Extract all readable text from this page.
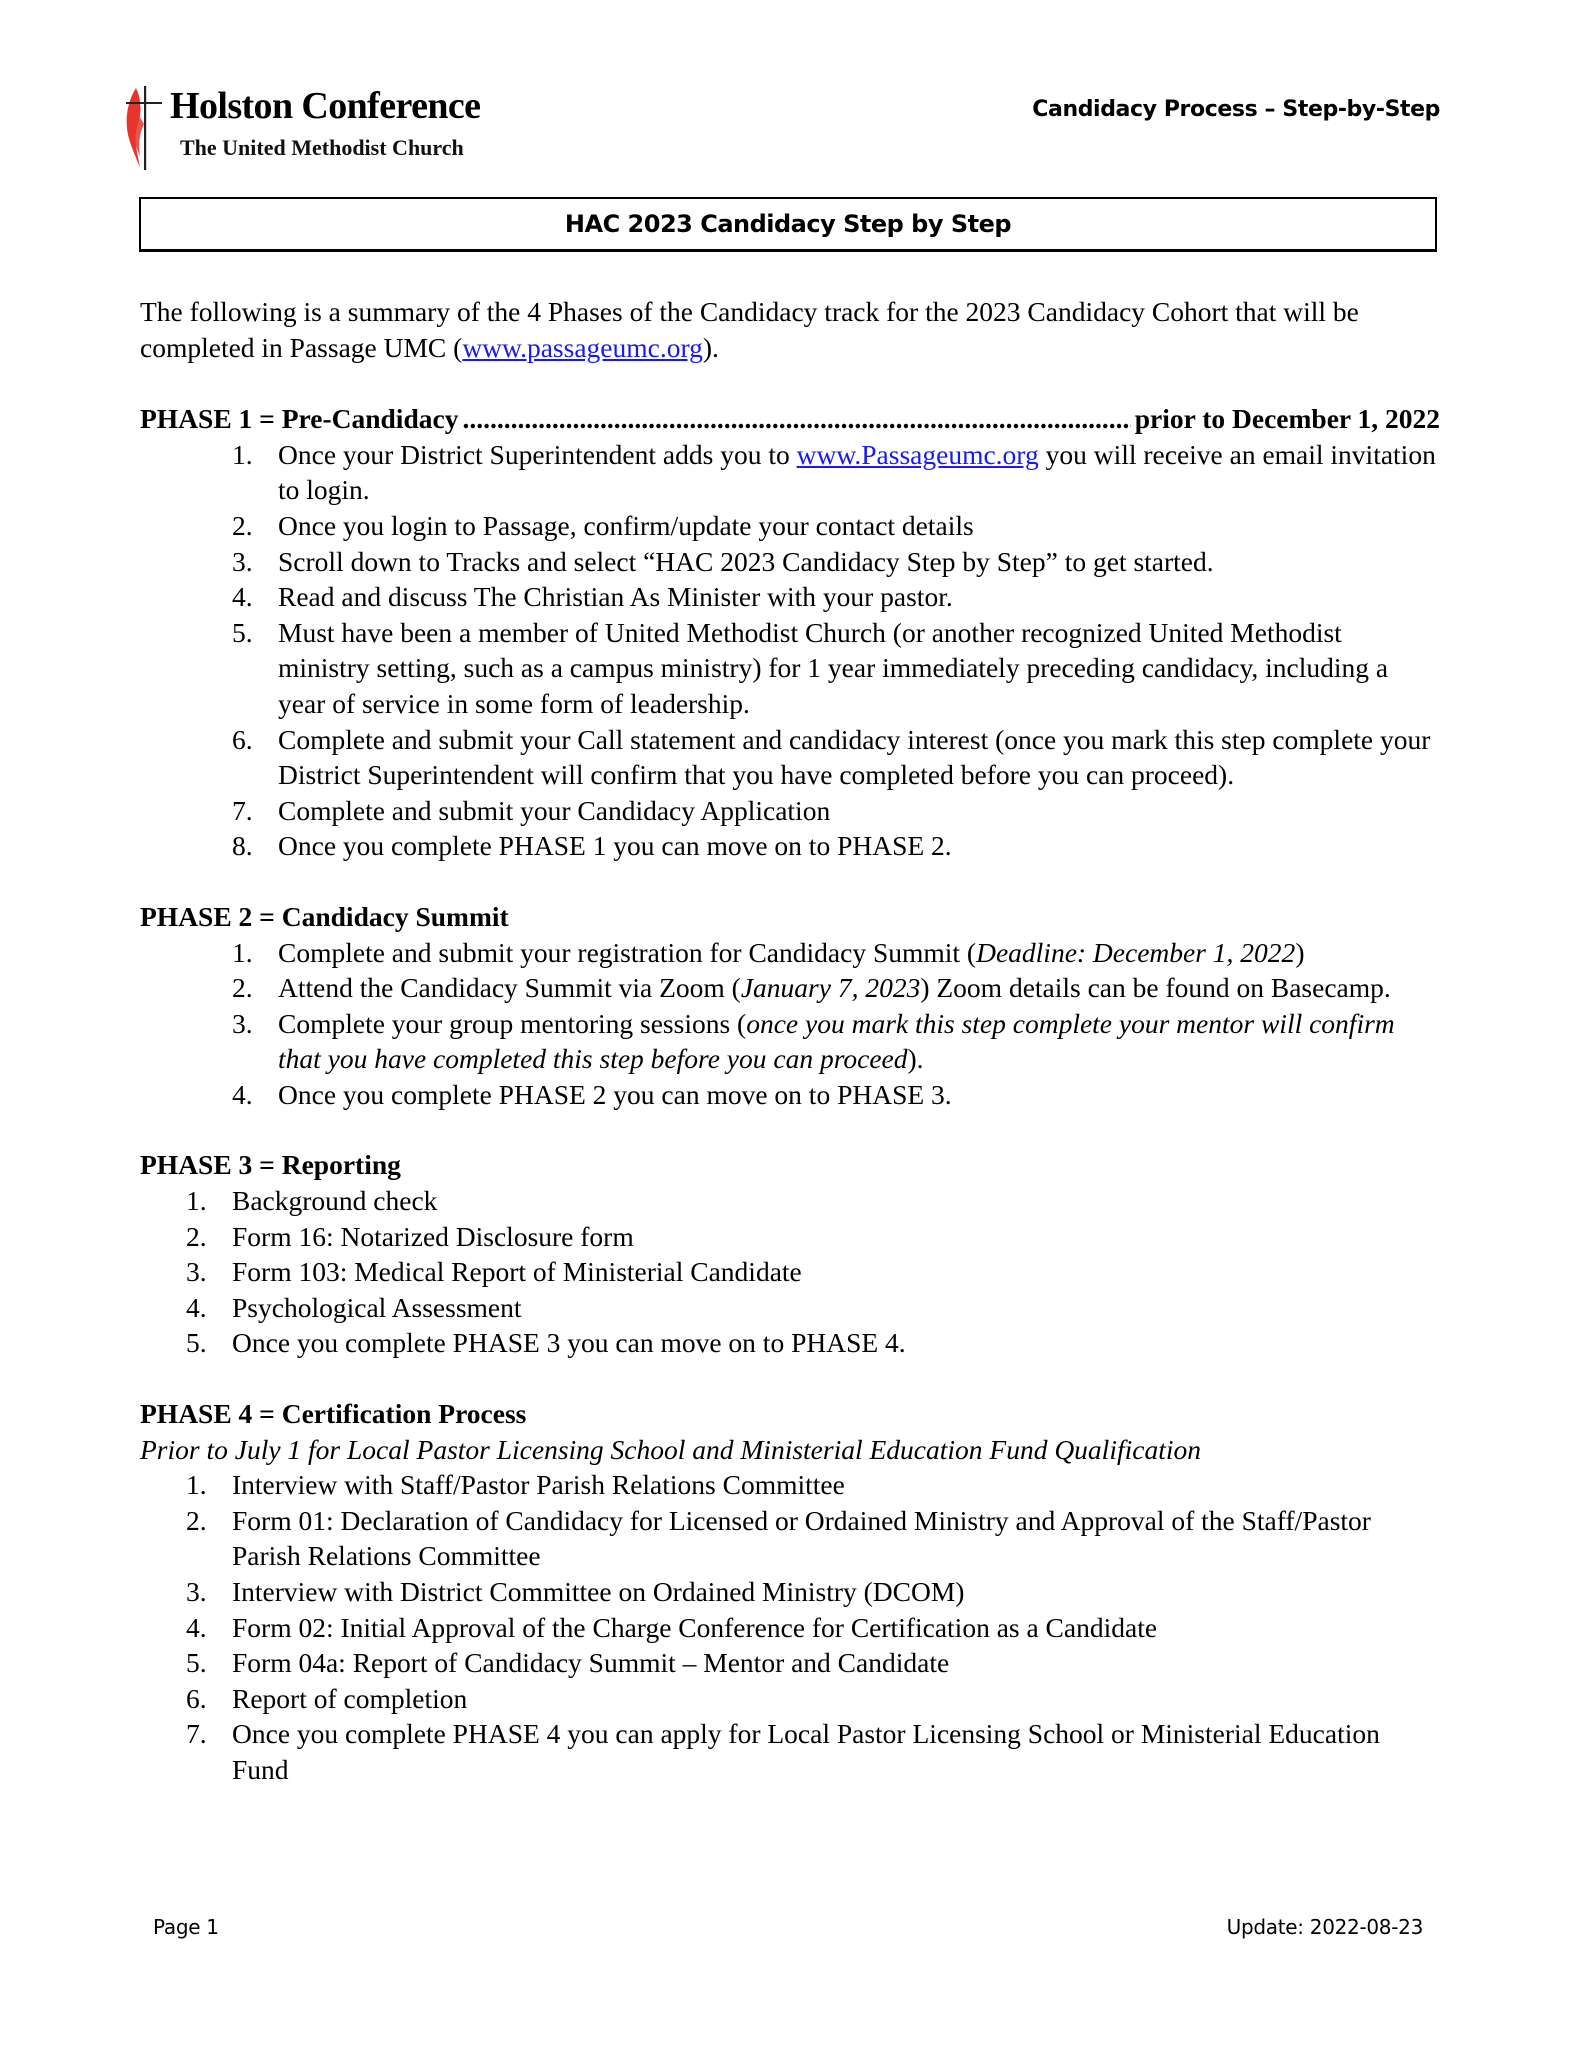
Holston Conference
The United Methodist Church
Candidacy Process – Step-by-Step
HAC 2023 Candidacy Step by Step

The following is a summary of the 4 Phases of the Candidacy track for the 2023 Candidacy Cohort that will be completed in Passage UMC (www.passageumc.org).

PHASE 1 = Pre-Candidacy .....	prior to December 1, 2022
1. Once your District Superintendent adds you to www.Passageumc.org you will receive an email invitation to login.
2. Once you login to Passage, confirm/update your contact details
3. Scroll down to Tracks and select “HAC 2023 Candidacy Step by Step” to get started.
4. Read and discuss The Christian As Minister with your pastor.
5. Must have been a member of United Methodist Church (or another recognized United Methodist ministry setting, such as a campus ministry) for 1 year immediately preceding candidacy, including a year of service in some form of leadership.
6. Complete and submit your Call statement and candidacy interest (once you mark this step complete your District Superintendent will confirm that you have completed before you can proceed).
7. Complete and submit your Candidacy Application
8. Once you complete PHASE 1 you can move on to PHASE 2.
PHASE 2 = Candidacy Summit
1. Complete and submit your registration for Candidacy Summit (Deadline: December 1, 2022)
2. Attend the Candidacy Summit via Zoom (January 7, 2023) Zoom details can be found on Basecamp.
3. Complete your group mentoring sessions (once you mark this step complete your mentor will confirm that you have completed this step before you can proceed).
4. Once you complete PHASE 2 you can move on to PHASE 3.
PHASE 3 = Reporting
1. Background check
2. Form 16: Notarized Disclosure form
3. Form 103: Medical Report of Ministerial Candidate
4. Psychological Assessment
5. Once you complete PHASE 3 you can move on to PHASE 4.
PHASE 4 = Certification Process
Prior to July 1 for Local Pastor Licensing School and Ministerial Education Fund Qualification
1. Interview with Staff/Pastor Parish Relations Committee
2. Form 01: Declaration of Candidacy for Licensed or Ordained Ministry and Approval of the Staff/Pastor Parish Relations Committee
3. Interview with District Committee on Ordained Ministry (DCOM)
4. Form 02: Initial Approval of the Charge Conference for Certification as a Candidate
5. Form 04a: Report of Candidacy Summit – Mentor and Candidate
6. Report of completion
7. Once you complete PHASE 4 you can apply for Local Pastor Licensing School or Ministerial Education Fund
Page 1	Update: 2022-08-23
